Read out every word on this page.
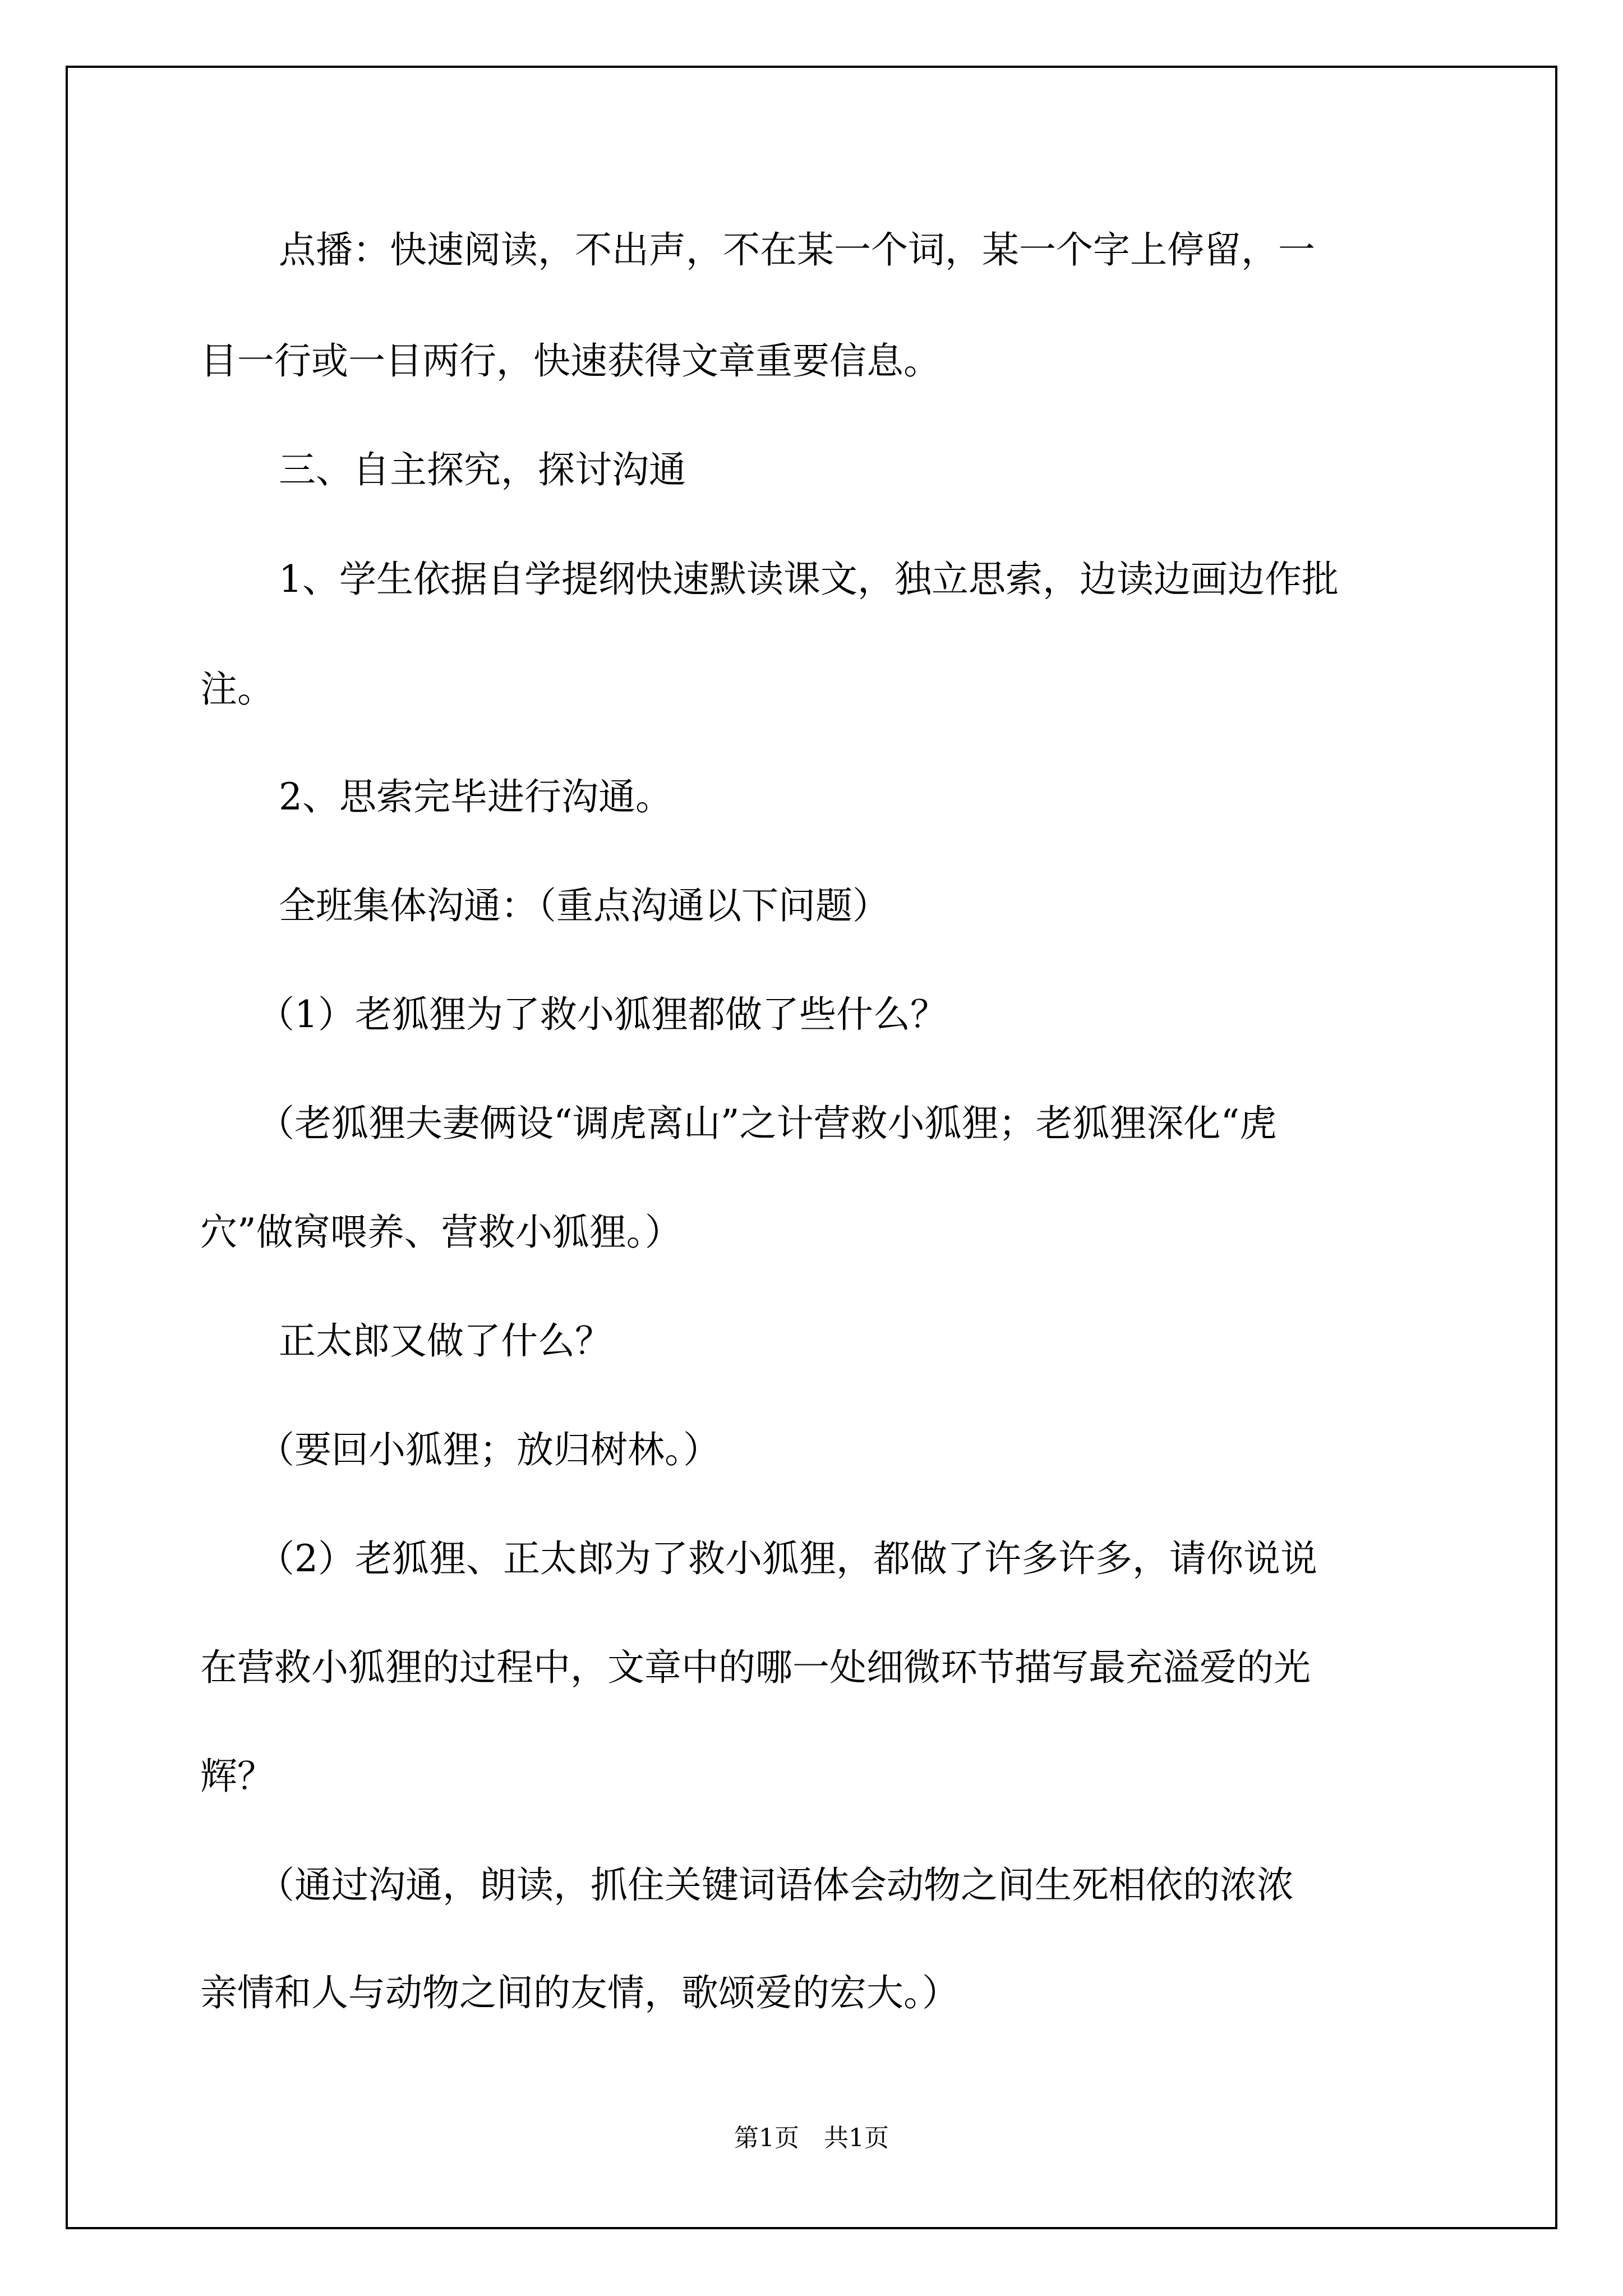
点播：快速阅读，不出声，不在某一个词，某一个字上停留，一
目一行或一目两行，快速获得文章重要信息。
三、自主探究，探讨沟通
1、学生依据自学提纲快速默读课文，独立思索，边读边画边作批
注。
2、思索完毕进行沟通。
全班集体沟通：（重点沟通以下问题）
（1）老狐狸为了救小狐狸都做了些什么？
（老狐狸夫妻俩设“调虎离山”之计营救小狐狸；老狐狸深化“虎
穴”做窝喂养、营救小狐狸。）
正太郎又做了什么？
（要回小狐狸；放归树林。）
（2）老狐狸、正太郎为了救小狐狸，都做了许多许多，请你说说
在营救小狐狸的过程中，文章中的哪一处细微环节描写最充溢爱的光
辉？
（通过沟通，朗读，抓住关键词语体会动物之间生死相依的浓浓
亲情和人与动物之间的友情，歌颂爱的宏大。）
第1页　共1页
